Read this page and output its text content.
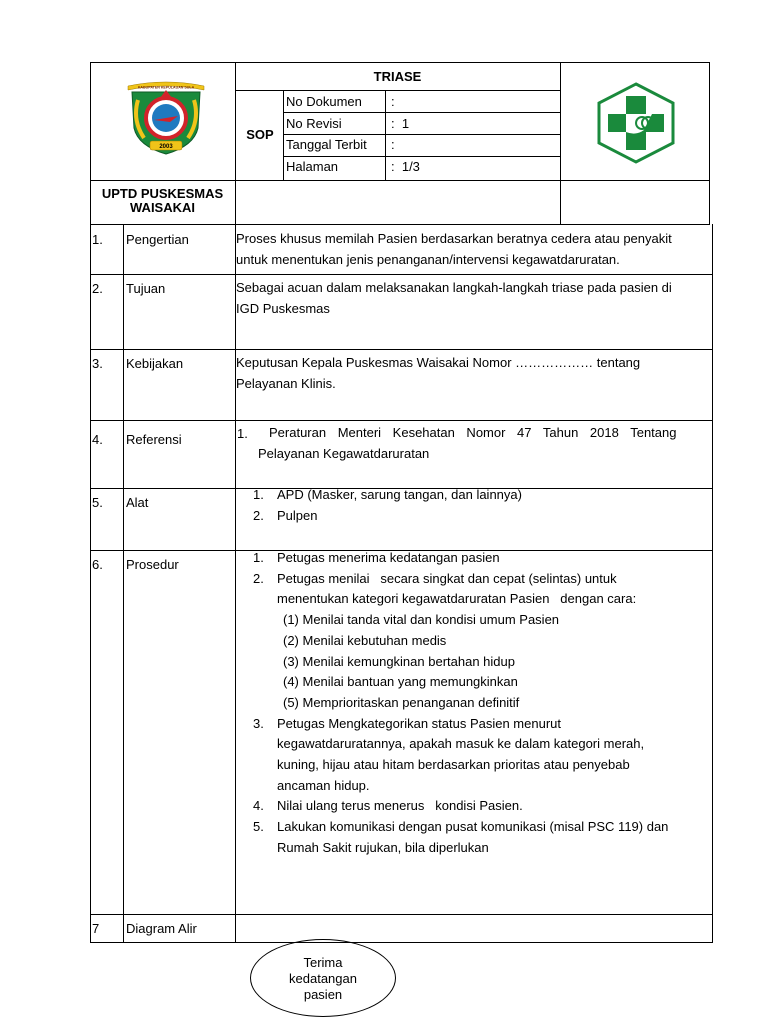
TRIASE
SOP
No Dokumen :
No Revisi	:  1
Tanggal Terbit :
Halaman	:  1/3
UPTD PUSKESMAS
WAISAKAI
KABUPATEN KEPULAUAN SULA
2003
1. Pengertian	Proses khusus memilah Pasien berdasarkan beratnya cedera atau penyakit
untuk menentukan jenis penanganan/intervensi kegawatdaruratan.
2. Tujuan	Sebagai acuan dalam melaksanakan langkah-langkah triase pada pasien di
IGD Puskesmas
3. Kebijakan	Keputusan Kepala Puskesmas Waisakai Nomor ……………… tentang
Pelayanan Klinis.
4. Referensi	1.	Peraturan Menteri Kesehatan Nomor 47 Tahun 2018 Tentang
Pelayanan Kegawatdaruratan
5. Alat
1. APD (Masker, sarung tangan, dan lainnya)
2. Pulpen
6. Prosedur	1. Petugas menerima kedatangan pasien
2. Petugas menilai   secara singkat dan cepat (selintas) untuk
menentukan kategori kegawatdaruratan Pasien   dengan cara:
(1) Menilai tanda vital dan kondisi umum Pasien
(2) Menilai kebutuhan medis
(3) Menilai kemungkinan bertahan hidup
(4) Menilai bantuan yang memungkinkan
(5) Memprioritaskan penanganan definitif
3. Petugas Mengkategorikan status Pasien menurut
kegawatdaruratannya, apakah masuk ke dalam kategori merah,
kuning, hijau atau hitam berdasarkan prioritas atau penyebab
ancaman hidup.
4. Nilai ulang terus menerus   kondisi Pasien.
5. Lakukan komunikasi dengan pusat komunikasi (misal PSC 119) dan
Rumah Sakit rujukan, bila diperlukan
7 Diagram Alir
Terima
kedatangan
pasien
